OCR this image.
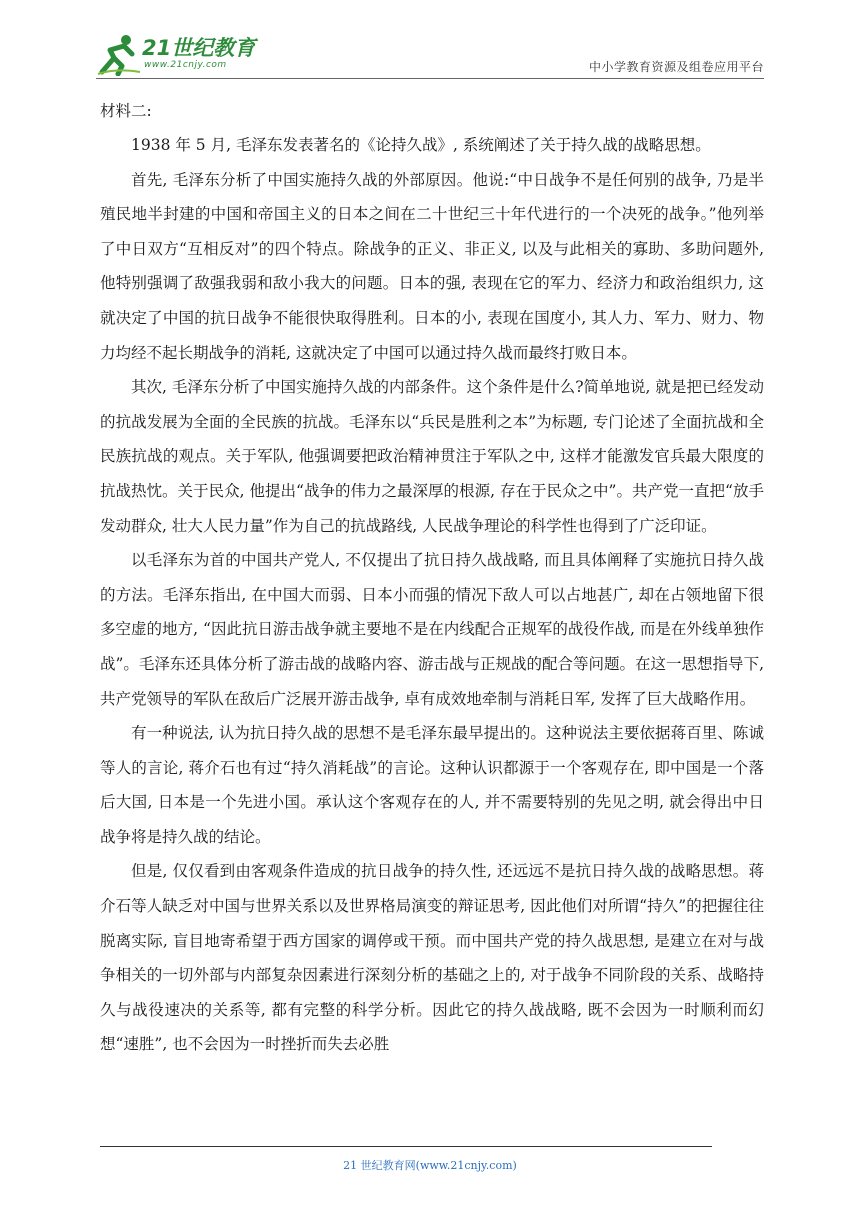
21世纪教育
www.21cnjy.com	中小学教育资源及组卷应用平台
材料二:

1938 年 5 月, 毛泽东发表著名的《论持久战》, 系统阐述了关于持久战的战略思想。

首先, 毛泽东分析了中国实施持久战的外部原因。他说:“中日战争不是任何别的战争, 乃是半殖民地半封建的中国和帝国主义的日本之间在二十世纪三十年代进行的一个决死的战争。”他列举了中日双方“互相反对”的四个特点。除战争的正义、非正义, 以及与此相关的寡助、多助问题外, 他特别强调了敌强我弱和敌小我大的问题。日本的强, 表现在它的军力、经济力和政治组织力, 这就决定了中国的抗日战争不能很快取得胜利。日本的小, 表现在国度小, 其人力、军力、财力、物力均经不起长期战争的消耗, 这就决定了中国可以通过持久战而最终打败日本。

其次, 毛泽东分析了中国实施持久战的内部条件。这个条件是什么?简单地说, 就是把已经发动的抗战发展为全面的全民族的抗战。毛泽东以“兵民是胜利之本”为标题, 专门论述了全面抗战和全民族抗战的观点。关于军队, 他强调要把政治精神贯注于军队之中, 这样才能激发官兵最大限度的抗战热忱。关于民众, 他提出“战争的伟力之最深厚的根源, 存在于民众之中”。共产党一直把“放手发动群众, 壮大人民力量”作为自己的抗战路线, 人民战争理论的科学性也得到了广泛印证。

以毛泽东为首的中国共产党人, 不仅提出了抗日持久战战略, 而且具体阐释了实施抗日持久战的方法。毛泽东指出, 在中国大而弱、日本小而强的情况下敌人可以占地甚广, 却在占领地留下很多空虚的地方, “因此抗日游击战争就主要地不是在内线配合正规军的战役作战, 而是在外线单独作战”。毛泽东还具体分析了游击战的战略内容、游击战与正规战的配合等问题。在这一思想指导下, 共产党领导的军队在敌后广泛展开游击战争, 卓有成效地牵制与消耗日军, 发挥了巨大战略作用。

有一种说法, 认为抗日持久战的思想不是毛泽东最早提出的。这种说法主要依据蒋百里、陈诚等人的言论, 蒋介石也有过“持久消耗战”的言论。这种认识都源于一个客观存在, 即中国是一个落后大国, 日本是一个先进小国。承认这个客观存在的人, 并不需要特别的先见之明, 就会得出中日战争将是持久战的结论。

但是, 仅仅看到由客观条件造成的抗日战争的持久性, 还远远不是抗日持久战的战略思想。蒋介石等人缺乏对中国与世界关系以及世界格局演变的辩证思考, 因此他们对所谓“持久”的把握往往脱离实际, 盲目地寄希望于西方国家的调停或干预。而中国共产党的持久战思想, 是建立在对与战争相关的一切外部与内部复杂因素进行深刻分析的基础之上的, 对于战争不同阶段的关系、战略持久与战役速决的关系等, 都有完整的科学分析。因此它的持久战战略, 既不会因为一时顺利而幻想“速胜”, 也不会因为一时挫折而失去必胜

21 世纪教育网(www.21cnjy.com)
